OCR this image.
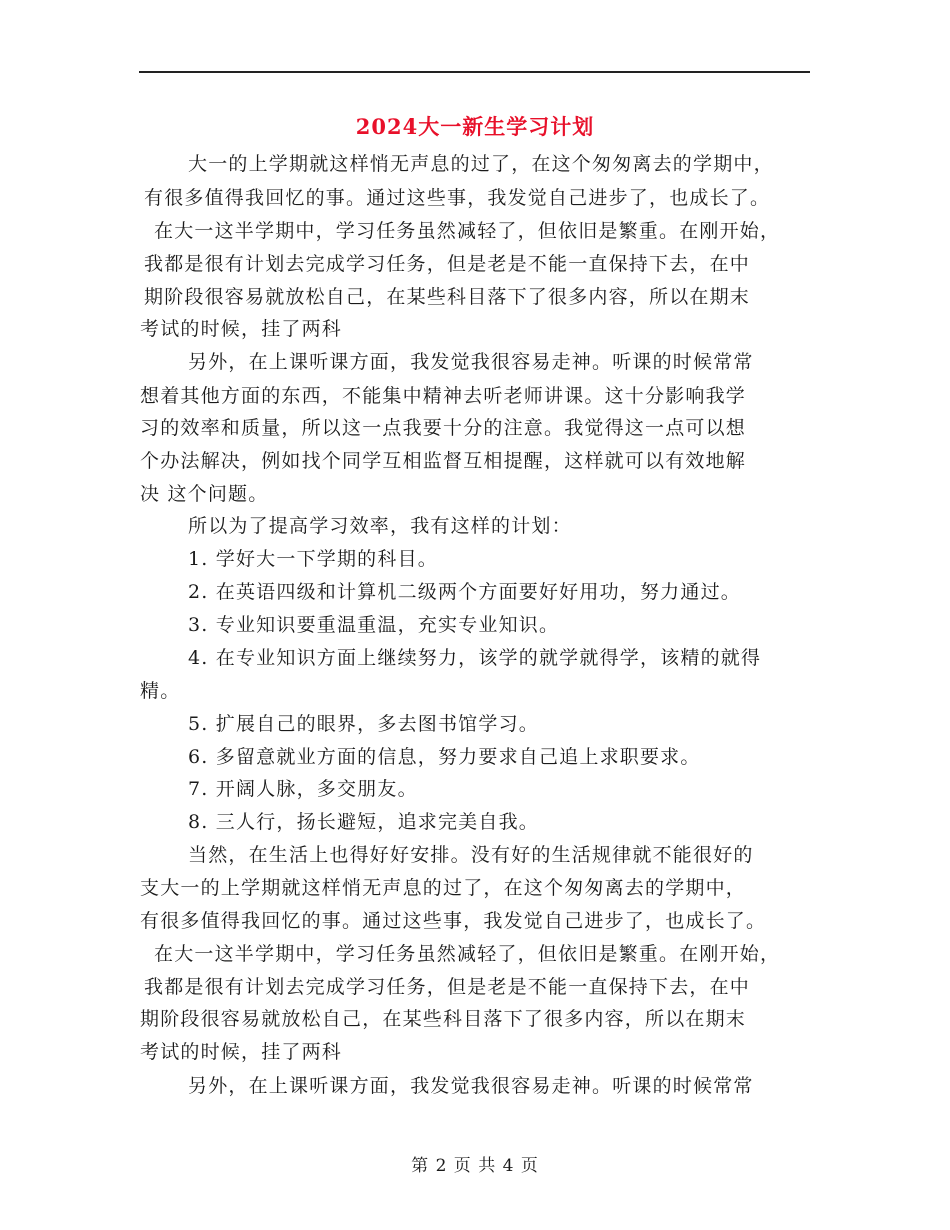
2024大一新生学习计划

大一的上学期就这样悄无声息的过了，在这个匆匆离去的学期中，

有很多值得我回忆的事。通过这些事，我发觉自己进步了，也成长了。

在大一这半学期中，学习任务虽然减轻了，但依旧是繁重。在刚开始，

我都是很有计划去完成学习任务，但是老是不能一直保持下去，在中

期阶段很容易就放松自己，在某些科目落下了很多内容，所以在期末

考试的时候，挂了两科

另外，在上课听课方面，我发觉我很容易走神。听课的时候常常

想着其他方面的东西，不能集中精神去听老师讲课。这十分影响我学

习的效率和质量，所以这一点我要十分的注意。我觉得这一点可以想

个办法解决，例如找个同学互相监督互相提醒，这样就可以有效地解

决 这个问题。

所以为了提高学习效率，我有这样的计划：

1. 学好大一下学期的科目。

2. 在英语四级和计算机二级两个方面要好好用功，努力通过。

3. 专业知识要重温重温，充实专业知识。

4. 在专业知识方面上继续努力，该学的就学就得学，该精的就得

精。

5. 扩展自己的眼界，多去图书馆学习。

6. 多留意就业方面的信息，努力要求自己追上求职要求。

7. 开阔人脉，多交朋友。

8. 三人行，扬长避短，追求完美自我。

当然，在生活上也得好好安排。没有好的生活规律就不能很好的

支大一的上学期就这样悄无声息的过了，在这个匆匆离去的学期中，

有很多值得我回忆的事。通过这些事，我发觉自己进步了，也成长了。

在大一这半学期中，学习任务虽然减轻了，但依旧是繁重。在刚开始，

我都是很有计划去完成学习任务，但是老是不能一直保持下去，在中

期阶段很容易就放松自己，在某些科目落下了很多内容，所以在期末

考试的时候，挂了两科

另外，在上课听课方面，我发觉我很容易走神。听课的时候常常

第 2 页 共 4 页
